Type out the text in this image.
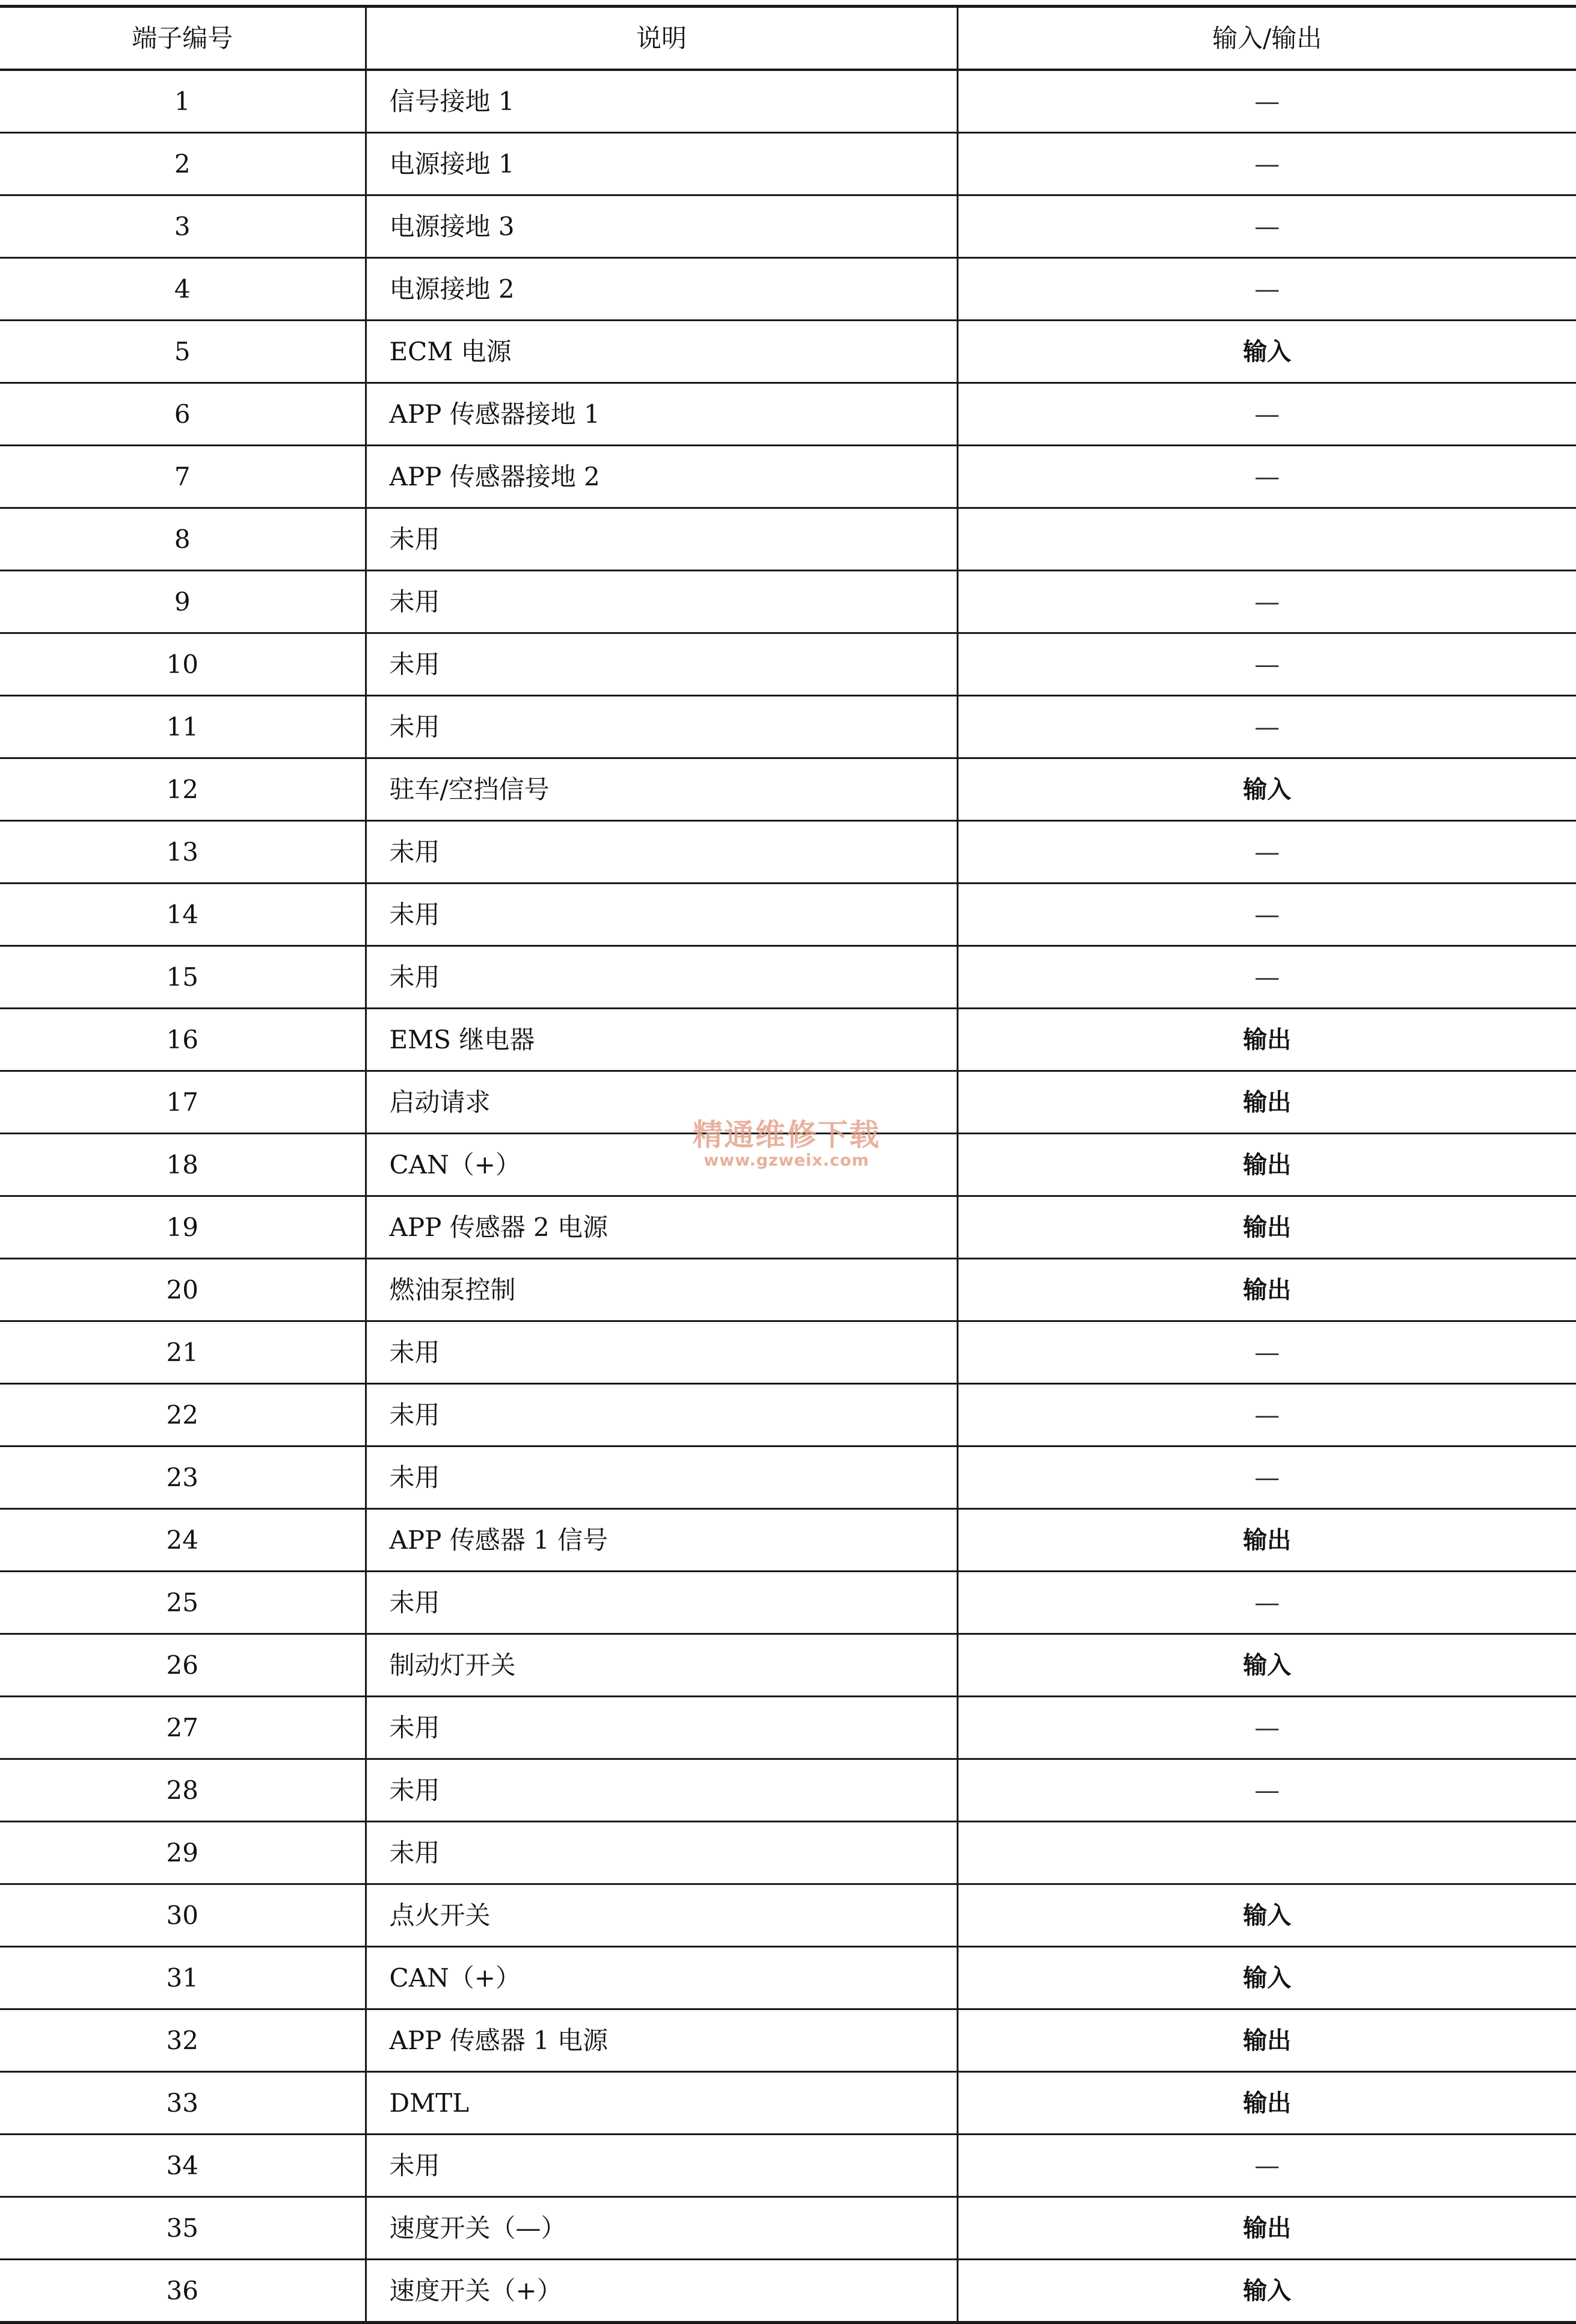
端子编号	说明	输入/输出
1	信号接地 1	—
2	电源接地 1	—
3	电源接地 3	—
4	电源接地 2	—
5	ECM 电源	输入
6	APP 传感器接地 1	—
7	APP 传感器接地 2	—
8	未用	
9	未用	—
10	未用	—
11	未用	—
12	驻车/空挡信号	输入
13	未用	—
14	未用	—
15	未用	—
16	EMS 继电器	输出
17	启动请求	输出
18	CAN（+）	输出
19	APP 传感器 2 电源	输出
20	燃油泵控制	输出
21	未用	—
22	未用	—
23	未用	—
24	APP 传感器 1 信号	输出
25	未用	—
26	制动灯开关	输入
27	未用	—
28	未用	—
29	未用	
30	点火开关	输入
31	CAN（+）	输入
32	APP 传感器 1 电源	输出
33	DMTL	输出
34	未用	—
35	速度开关（—）	输出
36	速度开关（+）	输入
精通维修下载
www.gzweix.com
